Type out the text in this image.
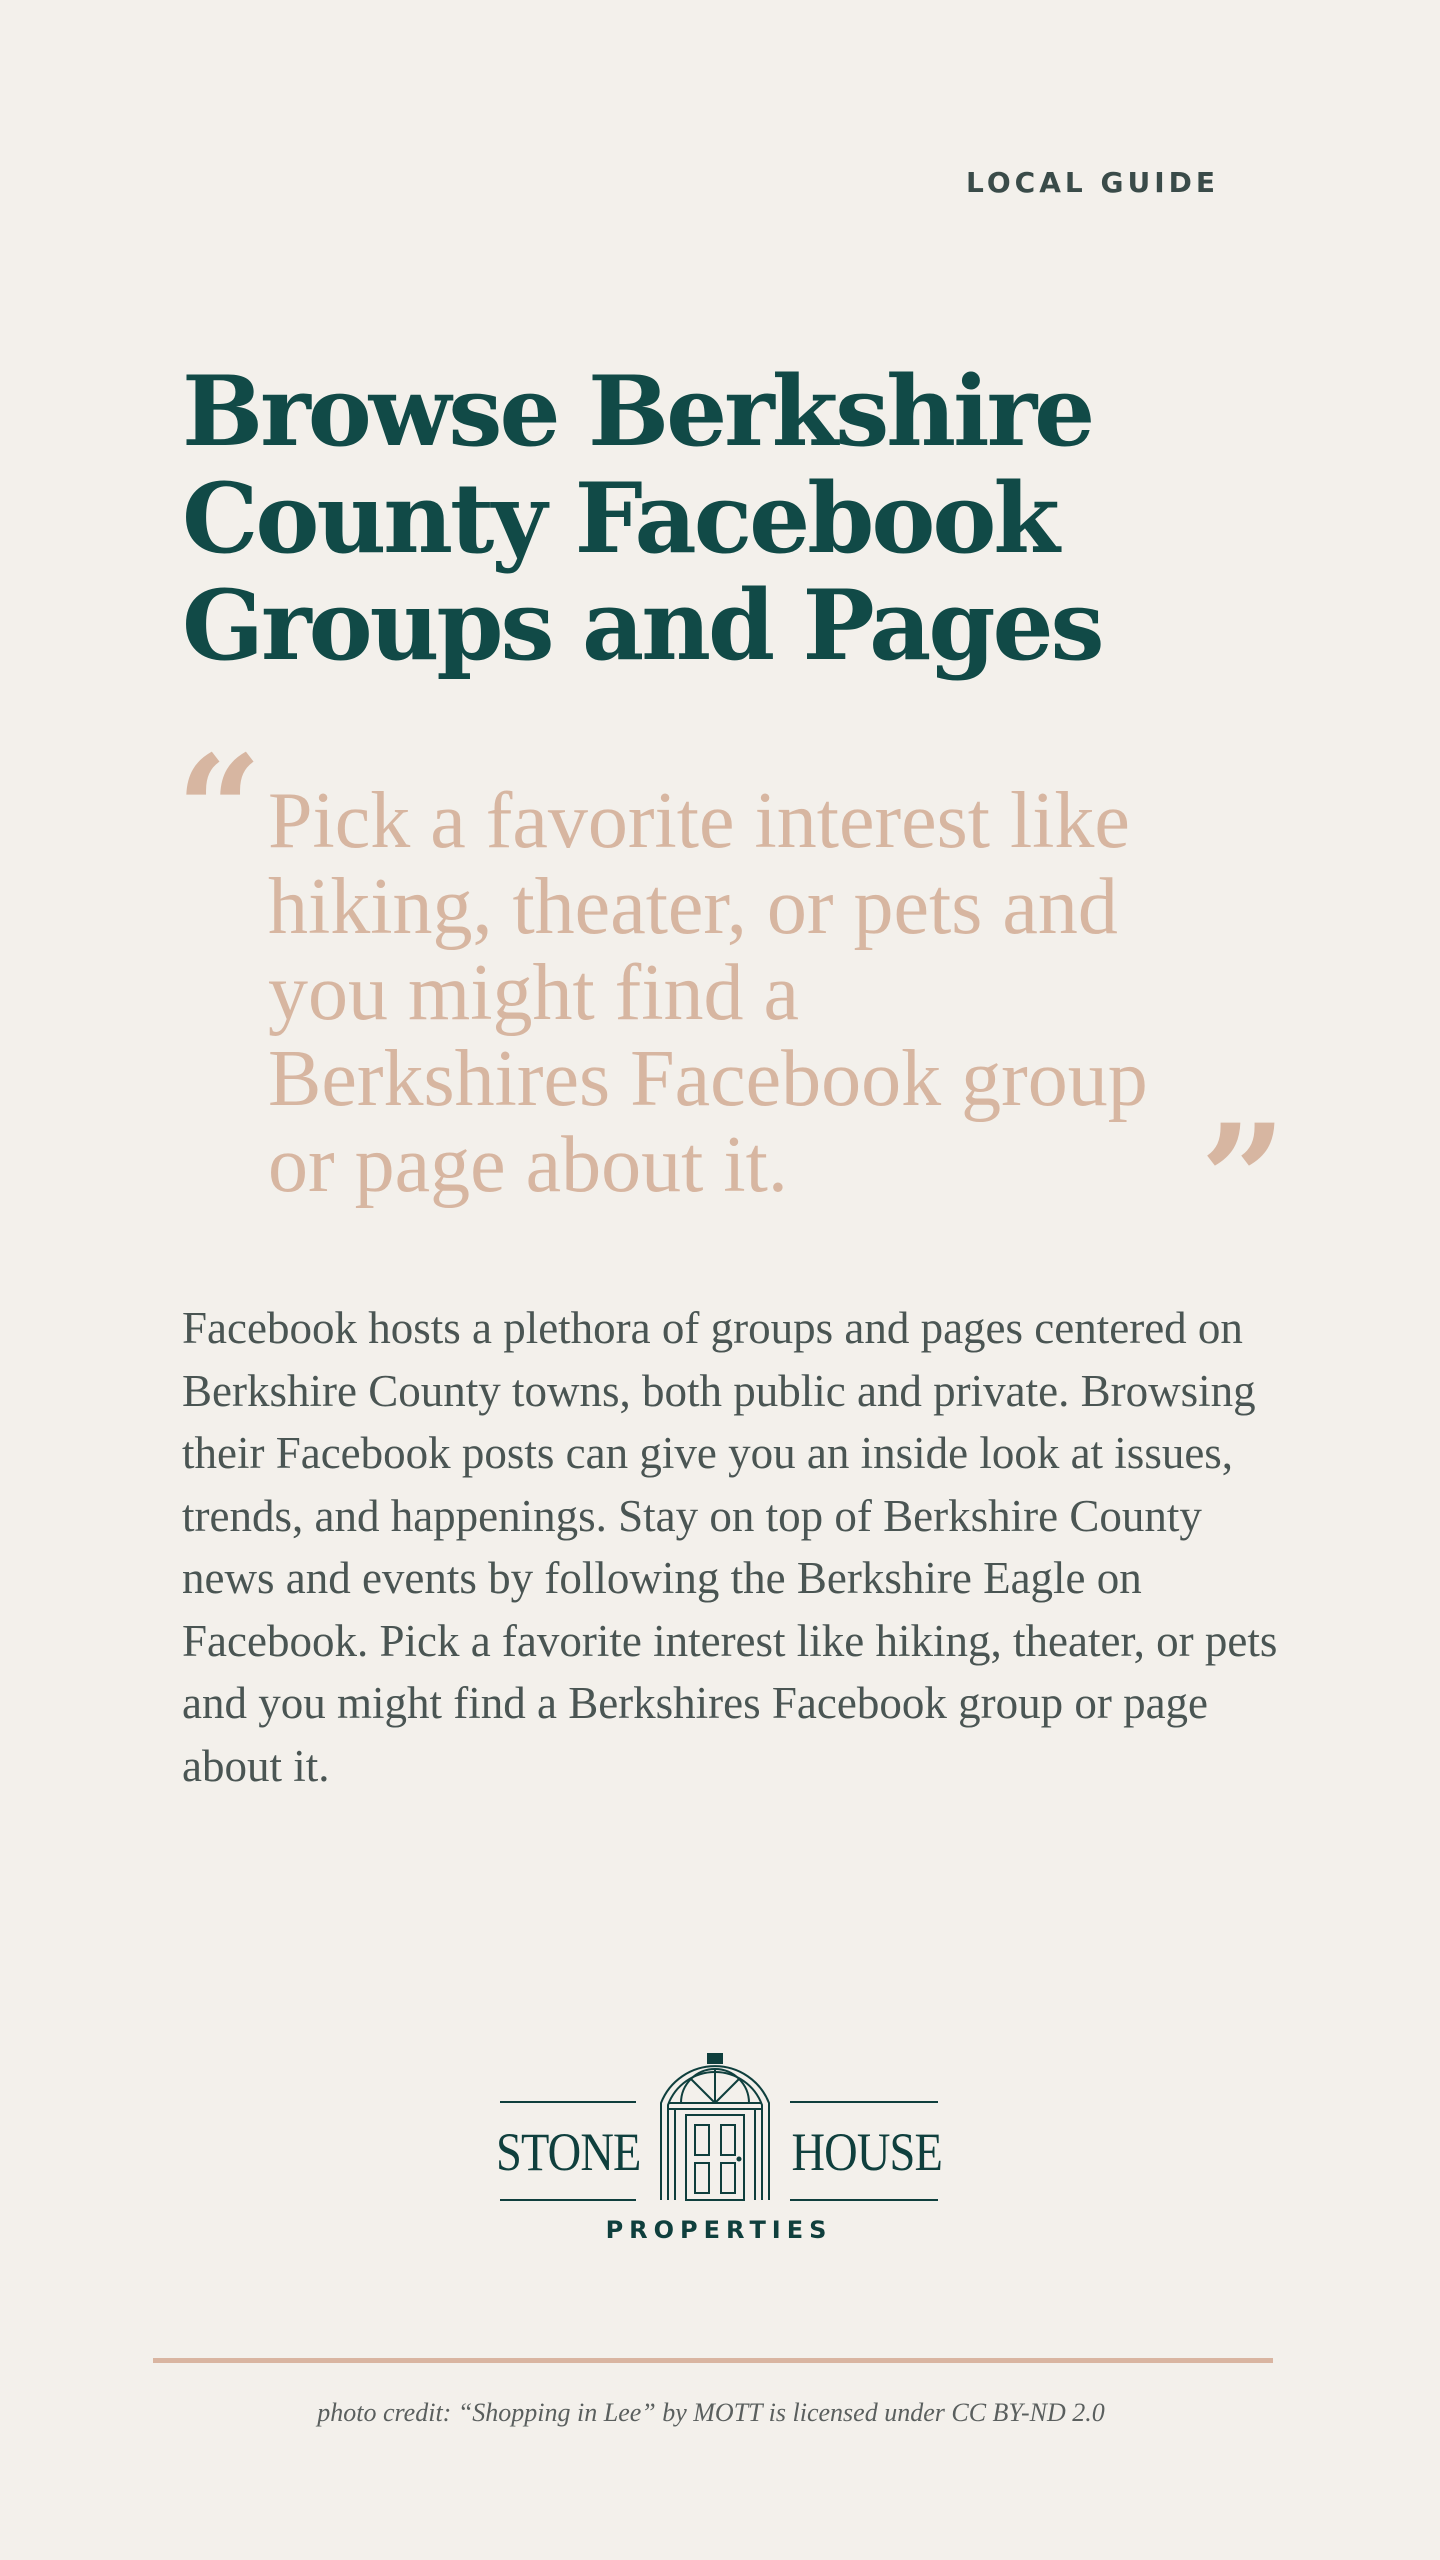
LOCAL GUIDE
Browse Berkshire County Facebook Groups and Pages
“ Pick a favorite interest like hiking, theater, or pets and you might find a Berkshires Facebook group or page about it.	”

Facebook hosts a plethora of groups and pages centered on Berkshire County towns, both public and private. Browsing their Facebook posts can give you an inside look at issues, trends, and happenings. Stay on top of Berkshire County news and events by following the Berkshire Eagle on Facebook. Pick a favorite interest like hiking, theater, or pets and you might find a Berkshires Facebook group or page about it.

STONE	HOUSE
PROPERTIES

photo credit: “Shopping in Lee” by MOTT is licensed under CC BY-ND 2.0
